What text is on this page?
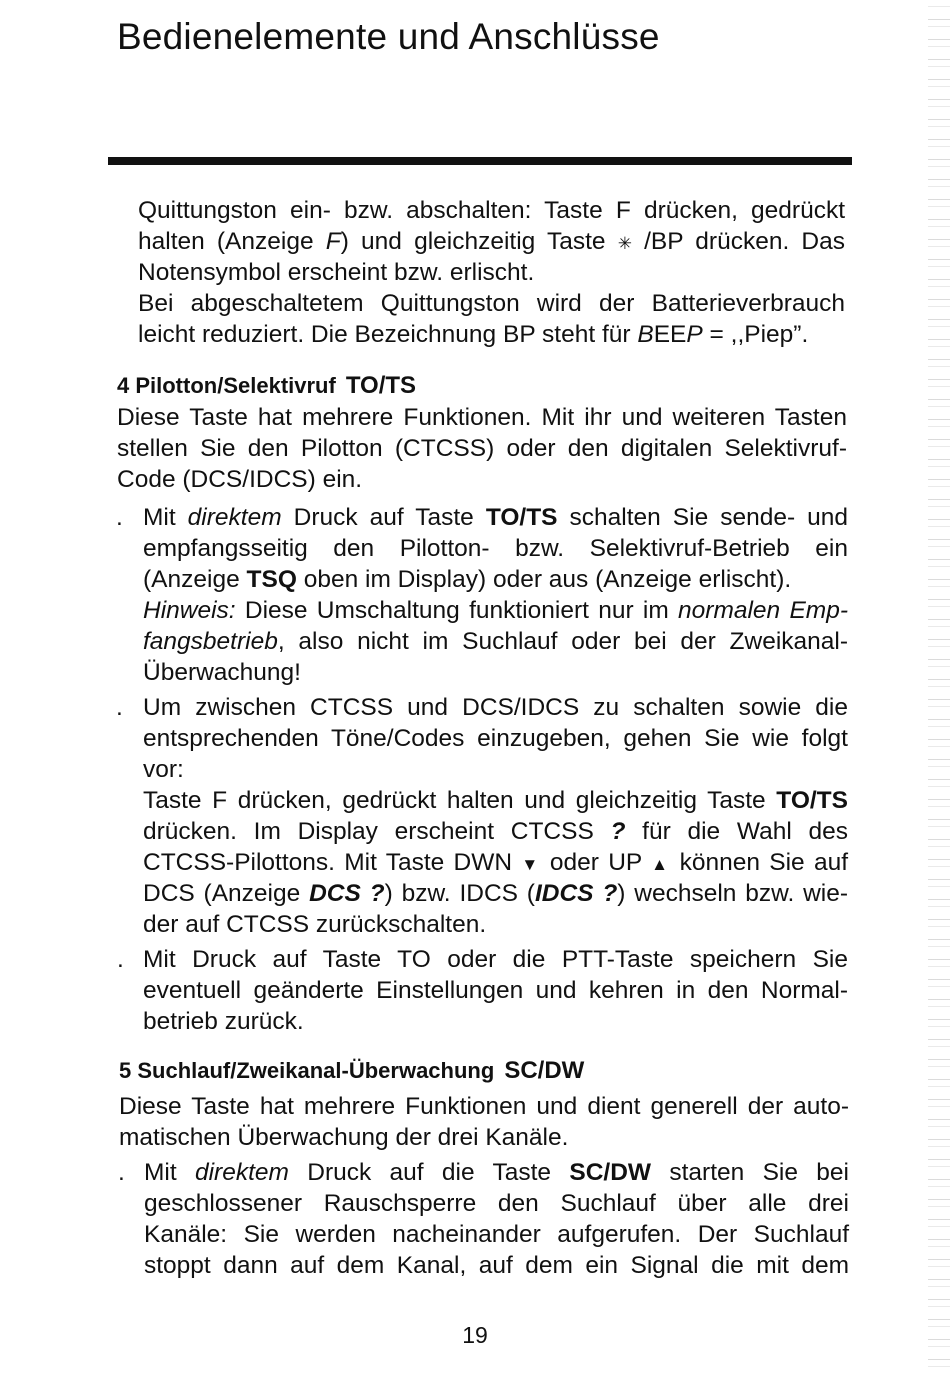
Bedienelemente und Anschlüsse

Quittungston ein- bzw. abschalten: Taste F drücken, gedrückt

halten (Anzeige F) und gleichzeitig Taste ✳ /BP drücken. Das

Notensymbol erscheint bzw. erlischt.

Bei abgeschaltetem Quittungston wird der Batterieverbrauch

leicht reduziert. Die Bezeichnung BP steht für BEEP = ,,Piep”.

4 Pilotton/Selektivruf TO/TS

Diese Taste hat mehrere Funktionen. Mit ihr und weiteren Tasten

stellen Sie den Pilotton (CTCSS) oder den digitalen Selektivruf-

Code (DCS/IDCS) ein.

. Mit direktem Druck auf Taste TO/TS schalten Sie sende- und

empfangsseitig den Pilotton- bzw. Selektivruf-Betrieb ein

(Anzeige TSQ oben im Display) oder aus (Anzeige erlischt).

Hinweis: Diese Umschaltung funktioniert nur im normalen Emp-

fangsbetrieb, also nicht im Suchlauf oder bei der Zweikanal-

Überwachung!

. Um zwischen CTCSS und DCS/IDCS zu schalten sowie die

entsprechenden Töne/Codes einzugeben, gehen Sie wie folgt

vor:

Taste F drücken, gedrückt halten und gleichzeitig Taste TO/TS

drücken. Im Display erscheint CTCSS ? für die Wahl des

CTCSS-Pilottons. Mit Taste DWN ▼ oder UP ▲ können Sie auf

DCS (Anzeige DCS ?) bzw. IDCS (IDCS ?) wechseln bzw. wie-

der auf CTCSS zurückschalten.

. Mit Druck auf Taste TO oder die PTT-Taste speichern Sie

eventuell geänderte Einstellungen und kehren in den Normal-

betrieb zurück.

5 Suchlauf/Zweikanal-Überwachung SC/DW

Diese Taste hat mehrere Funktionen und dient generell der auto-

matischen Überwachung der drei Kanäle.

. Mit direktem Druck auf die Taste SC/DW starten Sie bei

geschlossener Rauschsperre den Suchlauf über alle drei

Kanäle: Sie werden nacheinander aufgerufen. Der Suchlauf

stoppt dann auf dem Kanal, auf dem ein Signal die mit dem

19
